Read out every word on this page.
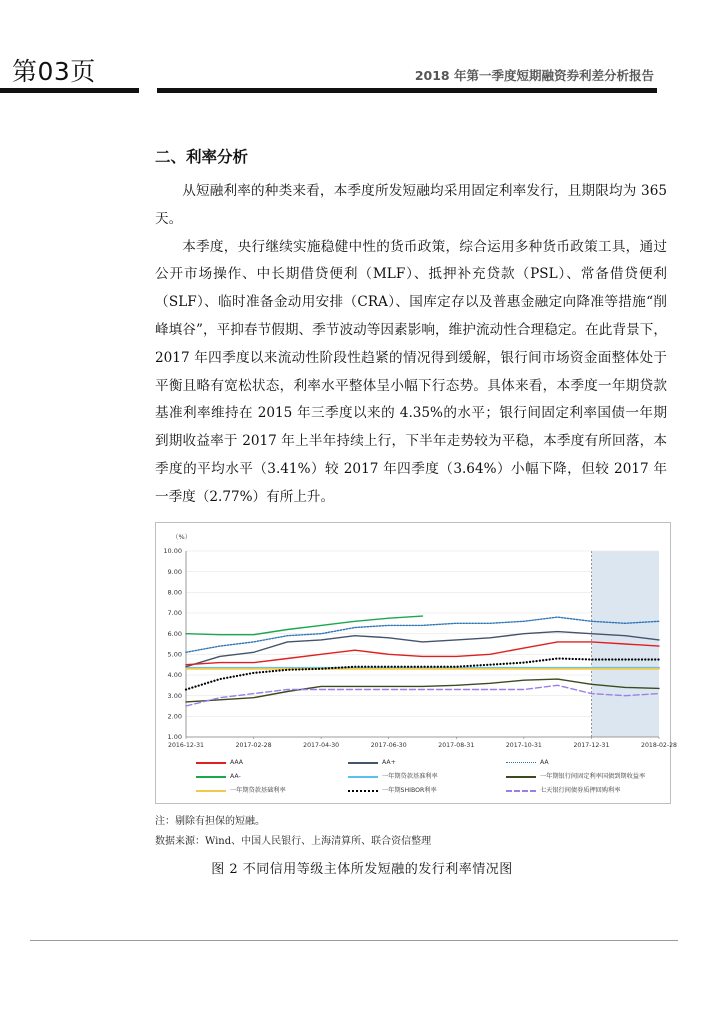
第03页	2018 年第一季度短期融资券利差分析报告
二、利率分析

从短融利率的种类来看，本季度所发短融均采用固定利率发行，且期限均为 365 天。

本季度，央行继续实施稳健中性的货币政策，综合运用多种货币政策工具，通过公开市场操作、中长期借贷便利（MLF）、抵押补充贷款（PSL）、常备借贷便利（SLF）、临时准备金动用安排（CRA）、国库定存以及普惠金融定向降准等措施“削峰填谷”，平抑春节假期、季节波动等因素影响，维护流动性合理稳定。在此背景下，2017 年四季度以来流动性阶段性趋紧的情况得到缓解，银行间市场资金面整体处于平衡且略有宽松状态，利率水平整体呈小幅下行态势。具体来看，本季度一年期贷款基准利率维持在 2015 年三季度以来的 4.35%的水平；银行间固定利率国债一年期到期收益率于 2017 年上半年持续上行，下半年走势较为平稳，本季度有所回落，本季度的平均水平（3.41%）较 2017 年四季度（3.64%）小幅下降，但较 2017 年一季度（2.77%）有所上升。

10.00
9.00
8.00
7.00
6.00
5.00
4.00
3.00
2.00
1.00
（%）
2016-12-31	2017-02-28	2017-04-30	2017-06-30	2017-08-31	2017-10-31	2017-12-31	2018-02-28
AAA	AA+	AA
AA-	一年期贷款基准利率	一年期银行间固定利率国债到期收益率
一年期贷款基础利率	一年期SHIBOR利率	七天银行间债券质押回购利率
注：剔除有担保的短融。
数据来源：Wind、中国人民银行、上海清算所、联合资信整理
图 2 不同信用等级主体所发短融的发行利率情况图
